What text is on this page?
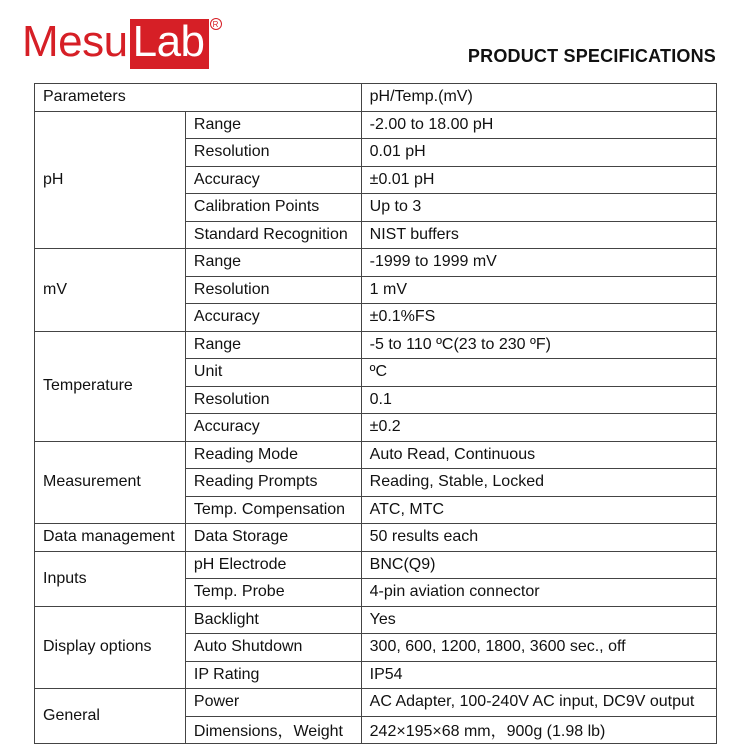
Mesu Lab	R
PRODUCT SPECIFICATIONS
Parameters		pH/Temp.(mV)
pH	Range	-2.00 to 18.00 pH
	Resolution	0.01 pH
	Accuracy	±0.01 pH
	Calibration Points	Up to 3
	Standard Recognition	NIST buffers
mV	Range	-1999 to 1999 mV
	Resolution	1 mV
	Accuracy	±0.1%FS
Temperature	Range	-5 to 110 ºC(23 to 230 ºF)
	Unit	ºC
	Resolution	0.1
	Accuracy	±0.2
Measurement	Reading Mode	Auto Read, Continuous
	Reading Prompts	Reading, Stable, Locked
	Temp. Compensation	ATC, MTC
Data management	Data Storage	50 results each
Inputs	pH Electrode	BNC(Q9)
	Temp. Probe	4-pin aviation connector
Display options	Backlight	Yes
	Auto Shutdown	300, 600, 1200, 1800, 3600 sec., off
	IP Rating	IP54
General	Power	AC Adapter, 100-240V AC input, DC9V output
	Dimensions，Weight	242×195×68 mm，900g (1.98 lb)
